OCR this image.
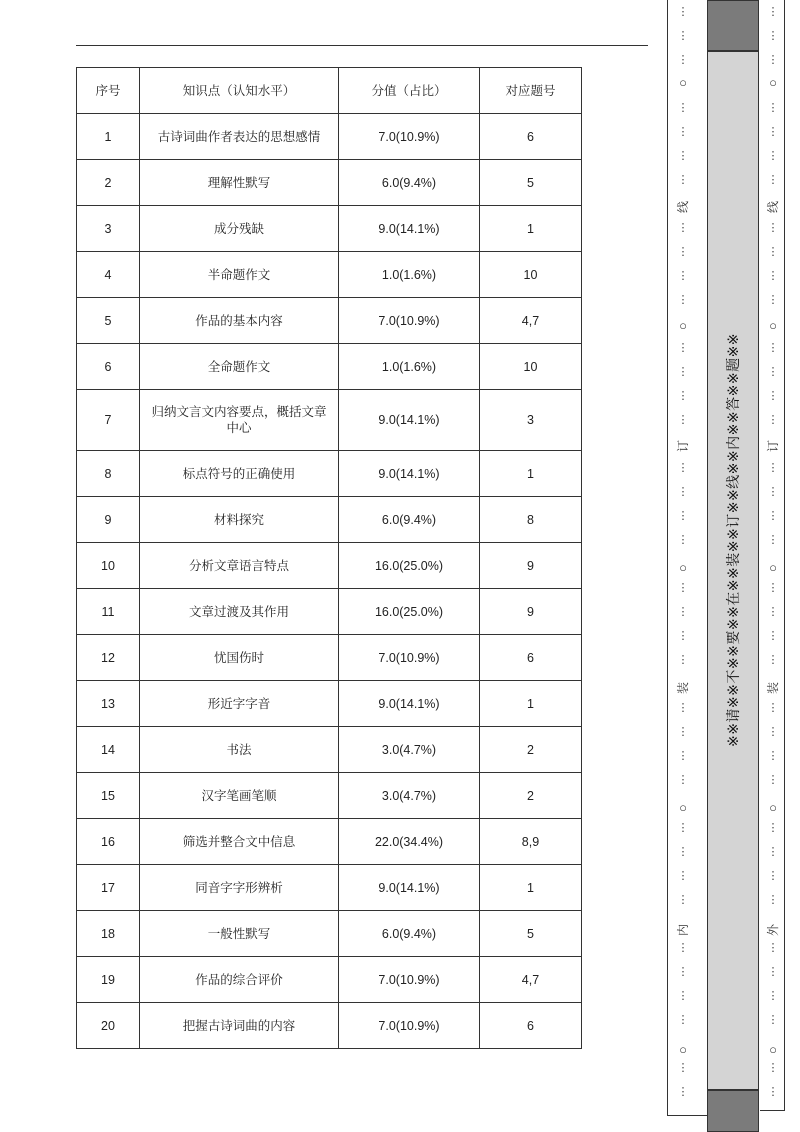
序号	知识点（认知水平）	分值（占比）	对应题号
1	古诗词曲作者表达的思想感情	7.0(10.9%)	6
2	理解性默写	6.0(9.4%)	5
3	成分残缺	9.0(14.1%)	1
4	半命题作文	1.0(1.6%)	10
5	作品的基本内容	7.0(10.9%)	4,7
6	全命题作文	1.0(1.6%)	10
7	归纳文言文内容要点，概括文章中心	9.0(14.1%)	3
8	标点符号的正确使用	9.0(14.1%)	1
9	材料探究	6.0(9.4%)	8
10	分析文章语言特点	16.0(25.0%)	9
11	文章过渡及其作用	16.0(25.0%)	9
12	忧国伤时	7.0(10.9%)	6
13	形近字字音	9.0(14.1%)	1
14	书法	3.0(4.7%)	2
15	汉字笔画笔顺	3.0(4.7%)	2
16	筛选并整合文中信息	22.0(34.4%)	8,9
17	同音字字形辨析	9.0(14.1%)	1
18	一般性默写	6.0(9.4%)	5
19	作品的综合评价	7.0(10.9%)	4,7
20	把握古诗词曲的内容	7.0(10.9%)	6
※※请※※不※※要※※在※※装※※订※※线※※内※※答※※题※※
⋮
⋮
⋮
⋮
⋮
⋮
⋮
⋮
⋮
⋮
⋮
⋮
⋮
⋮
⋮
⋮
⋮
⋮
⋮
⋮
⋮
⋮
⋮
⋮
⋮
⋮
⋮
⋮
⋮
⋮
⋮
⋮
⋮
⋮
⋮
⋮
⋮
○
○
○
○
○
线
订
装
内
⋮
⋮
⋮
⋮
⋮
⋮
⋮
⋮
⋮
⋮
⋮
⋮
⋮
⋮
⋮
⋮
⋮
⋮
⋮
⋮
⋮
⋮
⋮
⋮
⋮
⋮
⋮
⋮
⋮
⋮
⋮
⋮
⋮
⋮
⋮
⋮
⋮
○
○
○
○
○
线
订
装
外
